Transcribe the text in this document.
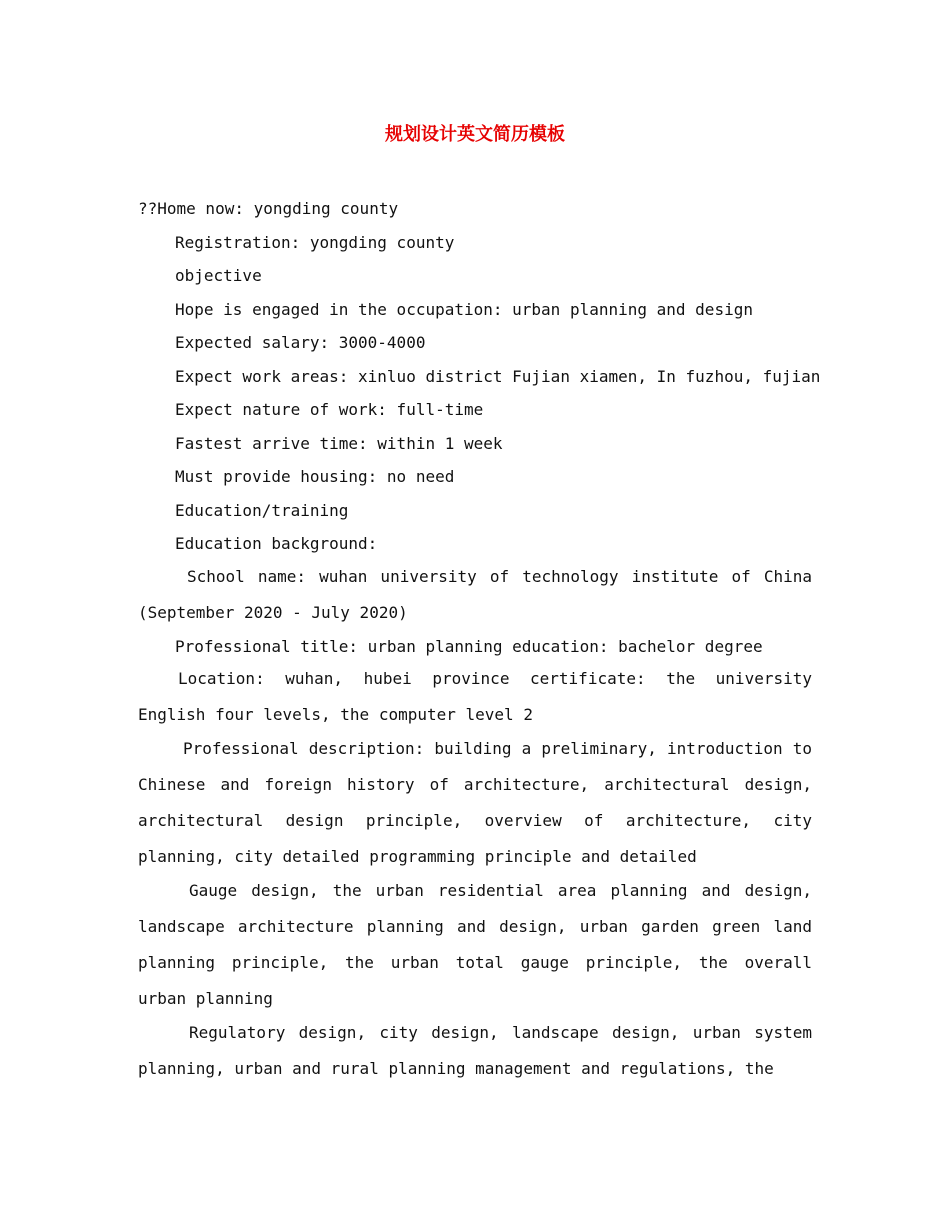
规划设计英文简历模板
??Home now: yongding county
Registration: yongding county
objective
Hope is engaged in the occupation: urban planning and design
Expected salary: 3000-4000
Expect work areas: xinluo district Fujian xiamen, In fuzhou, fujian
Expect nature of work: full-time
Fastest arrive time: within 1 week
Must provide housing: no need
Education/training
Education background:
School name: wuhan university of technology institute of China (September 2020 - July 2020)
Professional title: urban planning education: bachelor degree
Location: wuhan, hubei province certificate: the university English four levels, the computer level 2
Professional description: building a preliminary, introduction to Chinese and foreign history of architecture, architectural design, architectural design principle, overview of architecture, city planning, city detailed programming principle and detailed
Gauge design, the urban residential area planning and design, landscape architecture planning and design, urban garden green land planning principle, the urban total gauge principle, the overall urban planning
Regulatory design, city design, landscape design, urban system planning, urban and rural planning management and regulations, the
